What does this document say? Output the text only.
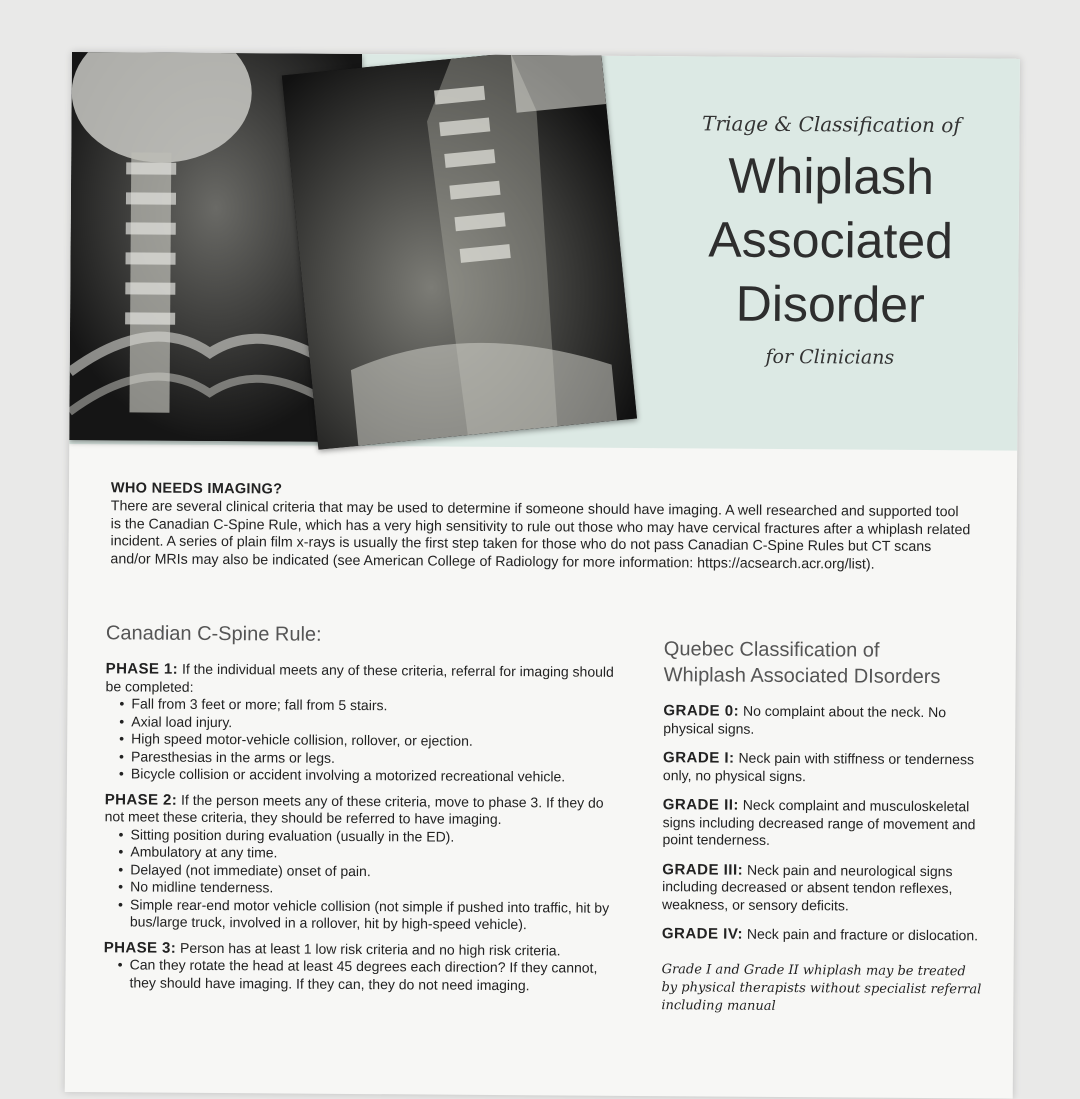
Triage & Classification of
Whiplash
Associated
Disorder
for Clinicians
WHO NEEDS IMAGING?
There are several clinical criteria that may be used to determine if someone should have imaging. A well researched and supported tool is the Canadian C-Spine Rule, which has a very high sensitivity to rule out those who may have cervical fractures after a whiplash related incident. A series of plain film x-rays is usually the first step taken for those who do not pass Canadian C-Spine Rules but CT scans and/or MRIs may also be indicated (see American College of Radiology for more information: https://acsearch.acr.org/list).
Canadian C-Spine Rule:
PHASE 1: If the individual meets any of these criteria, referral for imaging should be completed:
• Fall from 3 feet or more; fall from 5 stairs.
• Axial load injury.
• High speed motor-vehicle collision, rollover, or ejection.
• Paresthesias in the arms or legs.
• Bicycle collision or accident involving a motorized recreational vehicle.
PHASE 2: If the person meets any of these criteria, move to phase 3. If they do not meet these criteria, they should be referred to have imaging.
• Sitting position during evaluation (usually in the ED).
• Ambulatory at any time.
• Delayed (not immediate) onset of pain.
• No midline tenderness.
• Simple rear-end motor vehicle collision (not simple if pushed into traffic, hit by bus/large truck, involved in a rollover, hit by high-speed vehicle).
PHASE 3: Person has at least 1 low risk criteria and no high risk criteria.
• Can they rotate the head at least 45 degrees each direction? If they cannot, they should have imaging. If they can, they do not need imaging.
Quebec Classification of
Whiplash Associated DIsorders
GRADE 0: No complaint about the neck. No physical signs.
GRADE I: Neck pain with stiffness or tenderness only, no physical signs.
GRADE II: Neck complaint and musculoskeletal signs including decreased range of movement and point tenderness.
GRADE III: Neck pain and neurological signs including decreased or absent tendon reflexes, weakness, or sensory deficits.
GRADE IV: Neck pain and fracture or dislocation.
Grade I and Grade II whiplash may be treated by physical therapists without specialist referral including manual
